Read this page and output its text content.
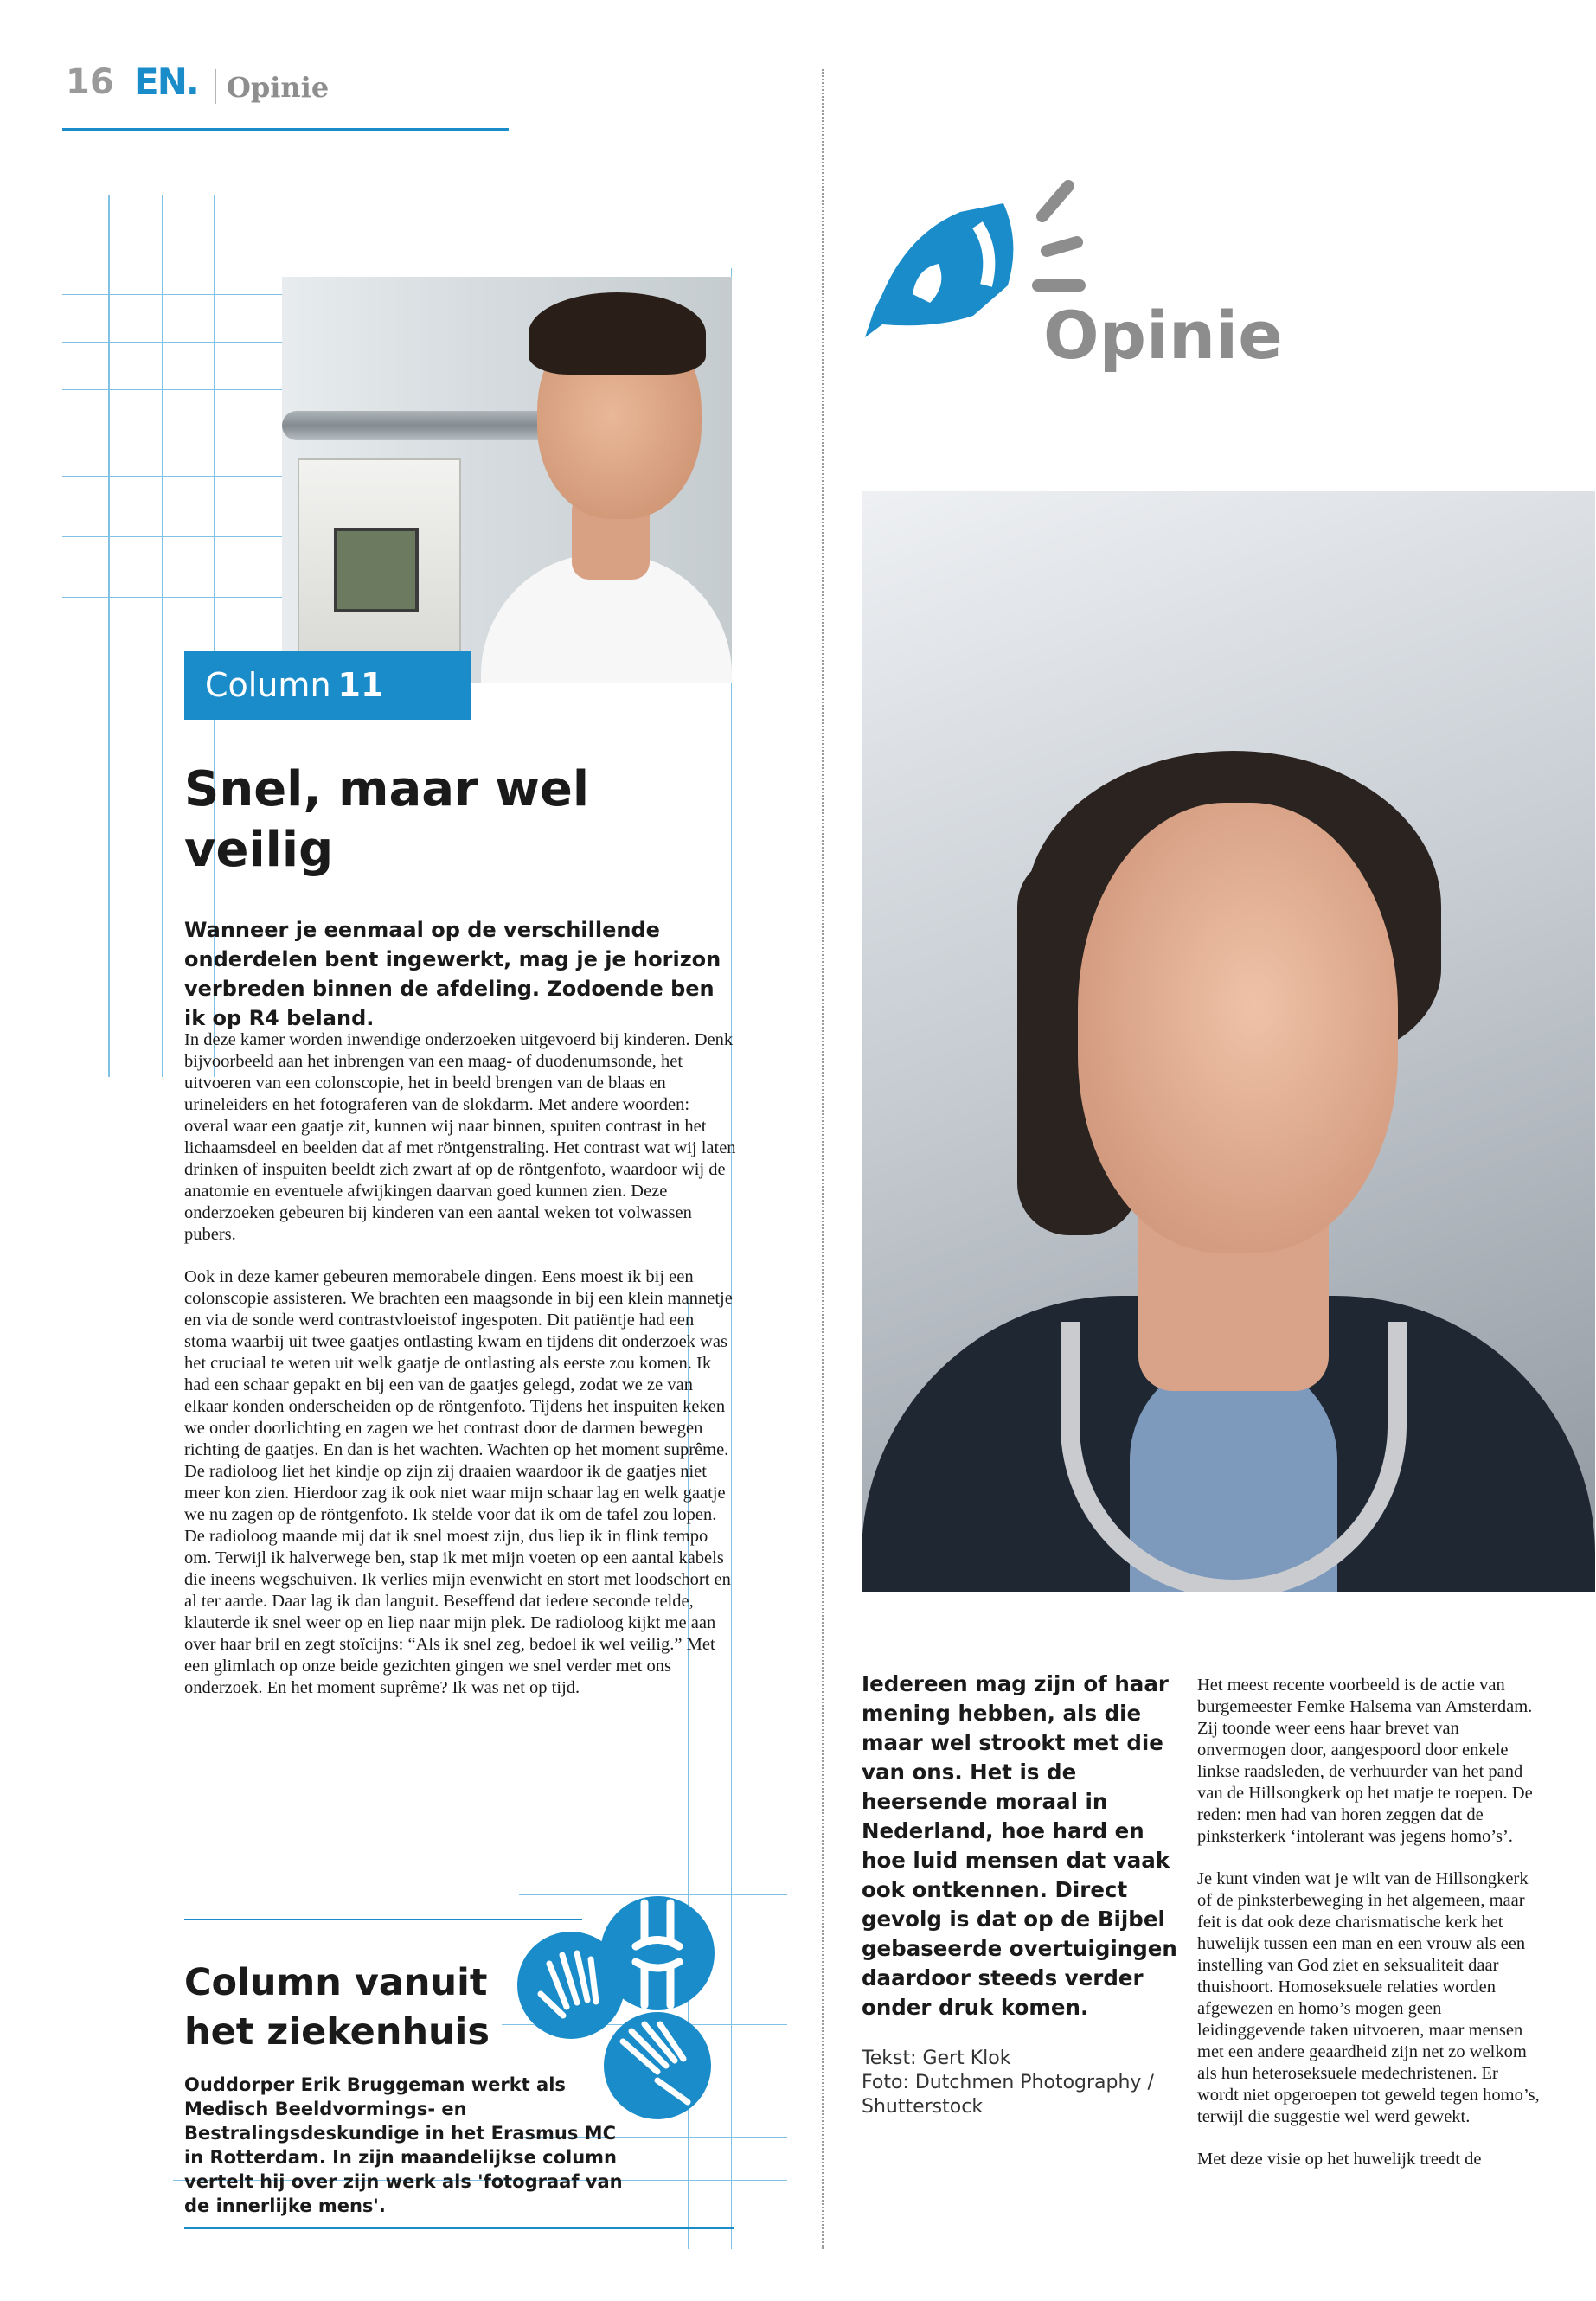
16 EN. Opinie
Column 11
Snel, maar wel veilig
Wanneer je eenmaal op de verschillende onderdelen bent ingewerkt, mag je je horizon verbreden binnen de afdeling. Zodoende ben ik op R4 beland.

In deze kamer worden inwendige onderzoeken uitgevoerd bij kinderen. Denk bijvoorbeeld aan het inbrengen van een maag- of duodenumsonde, het uitvoeren van een colonscopie, het in beeld brengen van de blaas en urineleiders en het fotograferen van de slokdarm. Met andere woorden: overal waar een gaatje zit, kunnen wij naar binnen, spuiten contrast in het lichaamsdeel en beelden dat af met röntgenstraling. Het contrast wat wij laten drinken of inspuiten beeldt zich zwart af op de röntgenfoto, waardoor wij de anatomie en eventuele afwijkingen daarvan goed kunnen zien. Deze onderzoeken gebeuren bij kinderen van een aantal weken tot volwassen pubers.

Ook in deze kamer gebeuren memorabele dingen. Eens moest ik bij een colonscopie assisteren. We brachten een maagsonde in bij een klein mannetje en via de sonde werd contrastvloeistof ingespoten. Dit patiëntje had een stoma waarbij uit twee gaatjes ontlasting kwam en tijdens dit onderzoek was het cruciaal te weten uit welk gaatje de ontlasting als eerste zou komen. Ik had een schaar gepakt en bij een van de gaatjes gelegd, zodat we ze van elkaar konden onderscheiden op de röntgenfoto. Tijdens het inspuiten keken we onder doorlichting en zagen we het contrast door de darmen bewegen richting de gaatjes. En dan is het wachten. Wachten op het moment suprême. De radioloog liet het kindje op zijn zij draaien waardoor ik de gaatjes niet meer kon zien. Hierdoor zag ik ook niet waar mijn schaar lag en welk gaatje we nu zagen op de röntgenfoto. Ik stelde voor dat ik om de tafel zou lopen. De radioloog maande mij dat ik snel moest zijn, dus liep ik in flink tempo om. Terwijl ik halverwege ben, stap ik met mijn voeten op een aantal kabels die ineens wegschuiven. Ik verlies mijn evenwicht en stort met loodschort en al ter aarde. Daar lag ik dan languit. Beseffend dat iedere seconde telde, klauterde ik snel weer op en liep naar mijn plek. De radioloog kijkt me aan over haar bril en zegt stoïcijns: “Als ik snel zeg, bedoel ik wel veilig.” Met een glimlach op onze beide gezichten gingen we snel verder met ons onderzoek. En het moment suprême? Ik was net op tijd.

Column vanuit het ziekenhuis
Ouddorper Erik Bruggeman werkt als Medisch Beeldvormings- en Bestralingsdeskundige in het Erasmus MC in Rotterdam. In zijn maandelijkse column vertelt hij over zijn werk als 'fotograaf van de innerlijke mens'.
Opinie
Iedereen mag zijn of haar mening hebben, als die maar wel strookt met die van ons. Het is de heersende moraal in Nederland, hoe hard en hoe luid mensen dat vaak ook ontkennen. Direct gevolg is dat op de Bijbel gebaseerde overtuigingen daardoor steeds verder onder druk komen.
Tekst: Gert Klok
Foto: Dutchmen Photography / Shutterstock

Het meest recente voorbeeld is de actie van burgemeester Femke Halsema van Amsterdam. Zij toonde weer eens haar brevet van onvermogen door, aangespoord door enkele linkse raadsleden, de verhuurder van het pand van de Hillsongkerk op het matje te roepen. De reden: men had van horen zeggen dat de pinksterkerk ‘intolerant was jegens homo’s’.

Je kunt vinden wat je wilt van de Hillsongkerk of de pinksterbeweging in het algemeen, maar feit is dat ook deze charismatische kerk het huwelijk tussen een man en een vrouw als een instelling van God ziet en seksualiteit daar thuishoort. Homoseksuele relaties worden afgewezen en homo’s mogen geen leidinggevende taken uitvoeren, maar mensen met een andere geaardheid zijn net zo welkom als hun heteroseksuele medechristenen. Er wordt niet opgeroepen tot geweld tegen homo’s, terwijl die suggestie wel werd gewekt.

Met deze visie op het huwelijk treedt de
